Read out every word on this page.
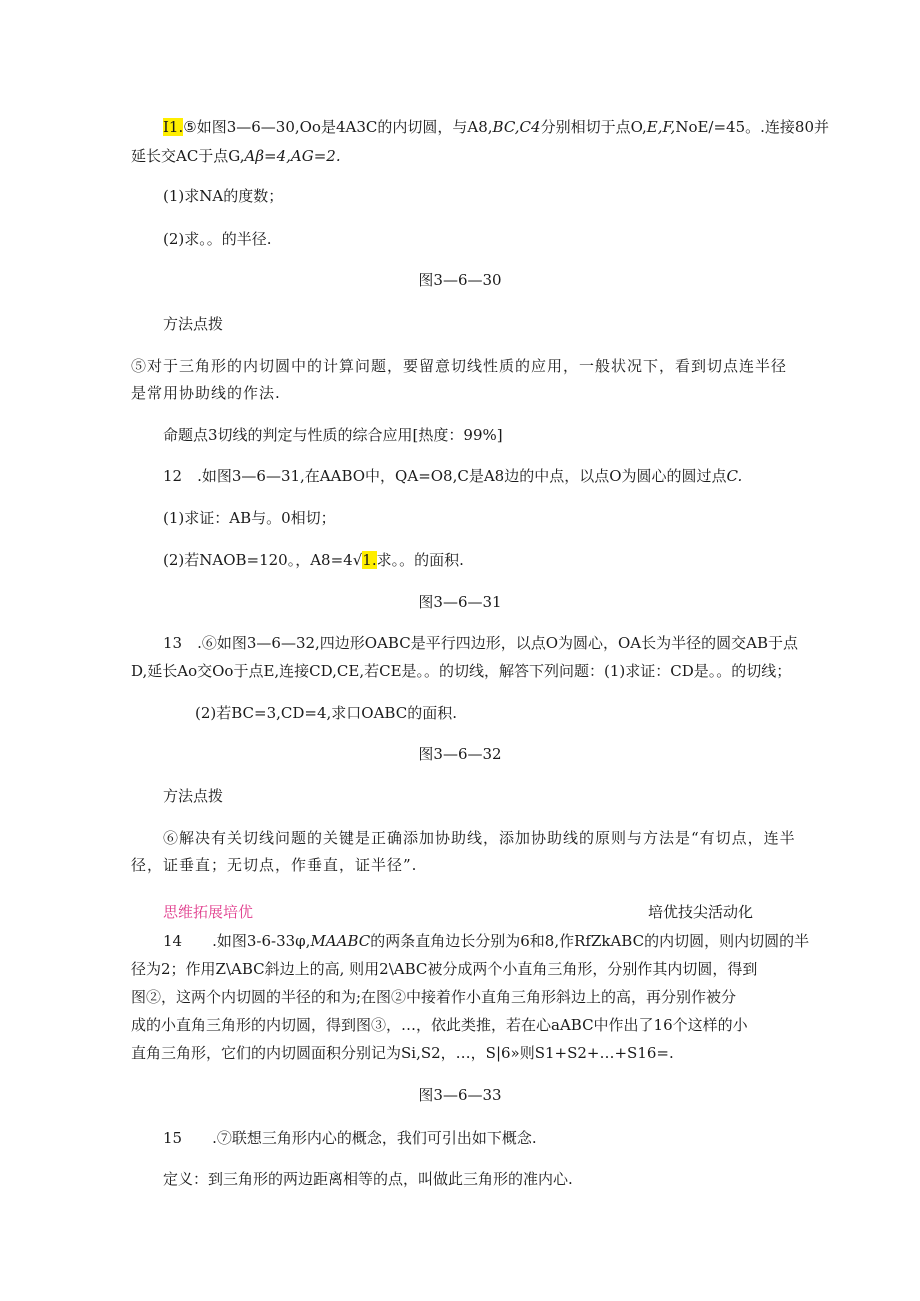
I1.⑤如图3—6—30,Oo是4A3C的内切圆，与A8,BC,C4分别相切于点O,E,F,NoE/=45。.连接80并
延长交AC于点G,Aβ=4,AG=2.
(1)求NA的度数；
(2)求。。的半径.
图3—6—30
方法点拨
⑤对于三角形的内切圆中的计算问题，要留意切线性质的应用，一般状况下，看到切点连半径
是常用协助线的作法.
命题点3切线的判定与性质的综合应用[热度：99%]
12　.如图3—6—31,在AABO中，QA=O8,C是A8边的中点，以点O为圆心的圆过点C.
(1)求证：AB与。0相切；
(2)若NAOB=120。，A8=4√1.求。。的面积.
图3—6—31
13　.⑥如图3—6—32,四边形OABC是平行四边形，以点O为圆心，OA长为半径的圆交AB于点
D,延长Ao交Oo于点E,连接CD,CE,若CE是。。的切线，解答下列问题：(1)求证：CD是。。的切线；
(2)若BC=3,CD=4,求口OABC的面积.
图3—6—32
方法点拨
⑥解决有关切线问题的关键是正确添加协助线，添加协助线的原则与方法是“有切点，连半
径，证垂直；无切点，作垂直，证半径”.
思维拓展培优	培优技尖活动化
14　　.如图3-6-33φ,MAABC的两条直角边长分别为6和8,作RfZkABC的内切圆，则内切圆的半
径为2；作用Z\ABC斜边上的高, 则用2\ABC被分成两个小直角三角形，分别作其内切圆，得到
图②，这两个内切圆的半径的和为;在图②中接着作小直角三角形斜边上的高，再分别作被分
成的小直角三角形的内切圆，得到图③，…，依此类推，若在心aABC中作出了16个这样的小
直角三角形，它们的内切圆面积分别记为Si,S2，…，S|6»则S1+S2+…+S16=.
图3—6—33
15　　.⑦联想三角形内心的概念，我们可引出如下概念.
定义：到三角形的两边距离相等的点，叫做此三角形的准内心.
